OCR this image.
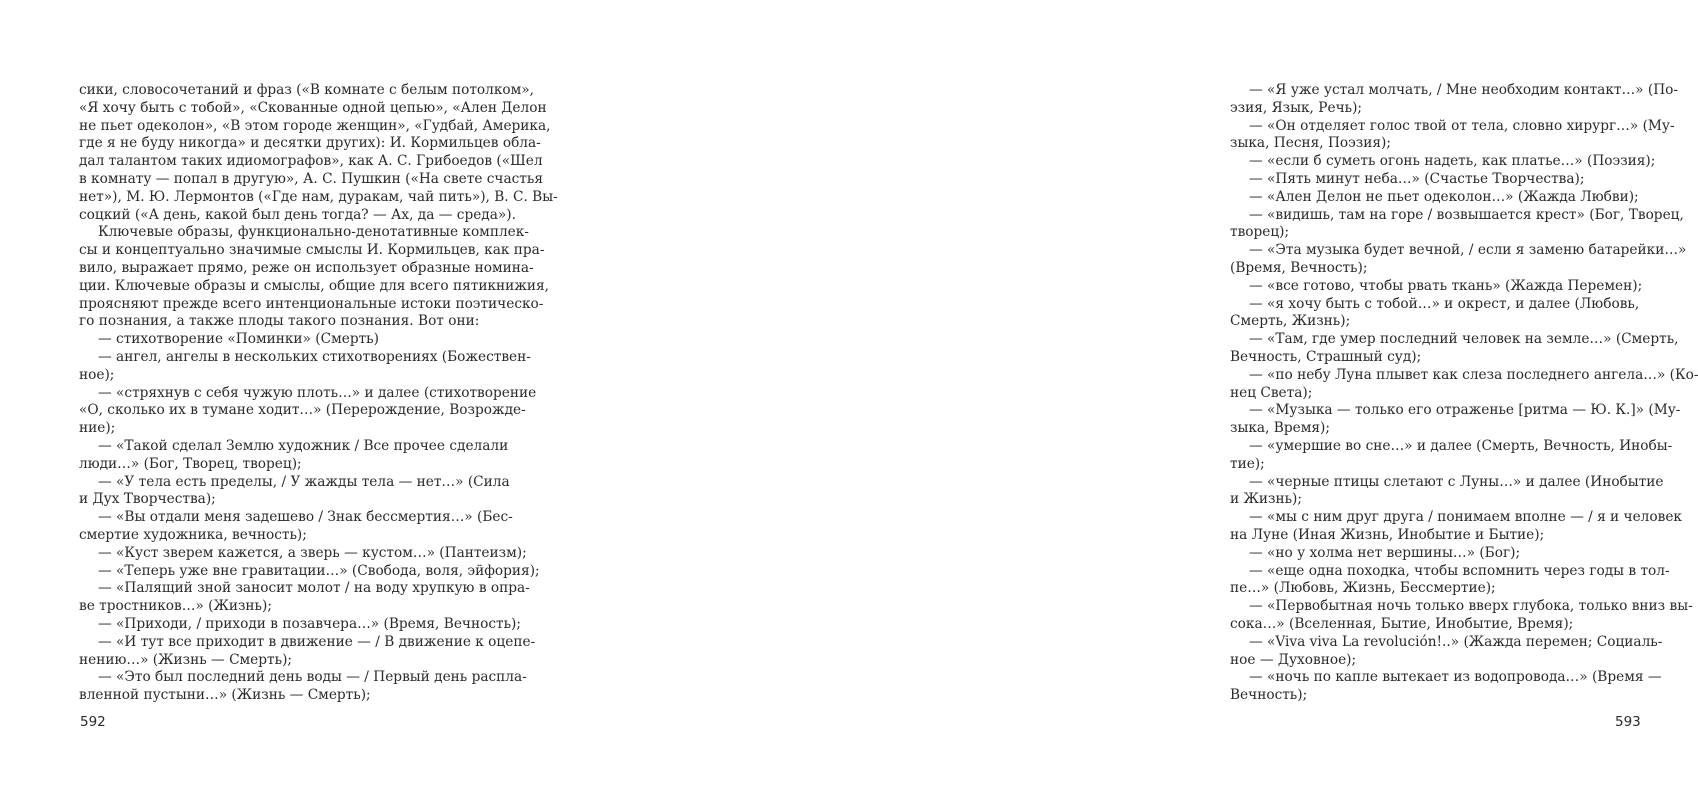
сики, словосочетаний и фраз («В комнате с белым потолком»,
«Я хочу быть с тобой», «Скованные одной цепью», «Ален Делон
не пьет одеколон», «В этом городе женщин», «Гудбай, Америка,
где я не буду никогда» и десятки других): И. Кормильцев обла-
дал талантом таких идиомографов», как А. С. Грибоедов («Шел
в комнату — попал в другую», А. С. Пушкин («На свете счастья
нет»), М. Ю. Лермонтов («Где нам, дуракам, чай пить»), В. С. Вы-
соцкий («А день, какой был день тогда? — Ах, да — среда»).
Ключевые образы, функционально-денотативные комплек-
сы и концептуально значимые смыслы И. Кормильцев, как пра-
вило, выражает прямо, реже он использует образные номина-
ции. Ключевые образы и смыслы, общие для всего пятикнижия,
проясняют прежде всего интенциональные истоки поэтическо-
го познания, а также плоды такого познания. Вот они:
— стихотворение «Поминки» (Смерть)
— ангел, ангелы в нескольких стихотворениях (Божествен-
ное);
— «стряхнув с себя чужую плоть…» и далее (стихотворение
«О, сколько их в тумане ходит…» (Перерождение, Возрожде-
ние);
— «Такой сделал Землю художник / Все прочее сделали
люди…» (Бог, Творец, творец);
— «У тела есть пределы, / У жажды тела — нет…» (Сила
и Дух Творчества);
— «Вы отдали меня задешево / Знак бессмертия…» (Бес-
смертие художника, вечность);
— «Куст зверем кажется, а зверь — кустом…» (Пантеизм);
— «Теперь уже вне гравитации…» (Свобода, воля, эйфория);
— «Палящий зной заносит молот / на воду хрупкую в опра-
ве тростников…» (Жизнь);
— «Приходи, / приходи в позавчера…» (Время, Вечность);
— «И тут все приходит в движение — / В движение к оцепе-
нению…» (Жизнь — Смерть);
— «Это был последний день воды — / Первый день распла-
вленной пустыни…» (Жизнь — Смерть);
592
— «Я уже устал молчать, / Мне необходим контакт…» (По-
эзия, Язык, Речь);
— «Он отделяет голос твой от тела, словно хирург…» (Му-
зыка, Песня, Поэзия);
— «если б суметь огонь надеть, как платье…» (Поэзия);
— «Пять минут неба…» (Счастье Творчества);
— «Ален Делон не пьет одеколон…» (Жажда Любви);
— «видишь, там на горе / возвышается крест» (Бог, Творец,
творец);
— «Эта музыка будет вечной, / если я заменю батарейки…»
(Время, Вечность);
— «все готово, чтобы рвать ткань» (Жажда Перемен);
— «я хочу быть с тобой…» и окрест, и далее (Любовь,
Смерть, Жизнь);
— «Там, где умер последний человек на земле…» (Смерть,
Вечность, Страшный суд);
— «по небу Луна плывет как слеза последнего ангела…» (Ко-
нец Света);
— «Музыка — только его отраженье [ритма — Ю. К.]» (Му-
зыка, Время);
— «умершие во сне…» и далее (Смерть, Вечность, Инобы-
тие);
— «черные птицы слетают с Луны…» и далее (Инобытие
и Жизнь);
— «мы с ним друг друга / понимаем вполне — / я и человек
на Луне (Иная Жизнь, Инобытие и Бытие);
— «но у холма нет вершины…» (Бог);
— «еще одна походка, чтобы вспомнить через годы в тол-
пе…» (Любовь, Жизнь, Бессмертие);
— «Первобытная ночь только вверх глубока, только вниз вы-
сока…» (Вселенная, Бытие, Инобытие, Время);
— «Viva viva La revolución!..» (Жажда перемен; Социаль-
ное — Духовное);
— «ночь по капле вытекает из водопровода…» (Время —
Вечность);
593
